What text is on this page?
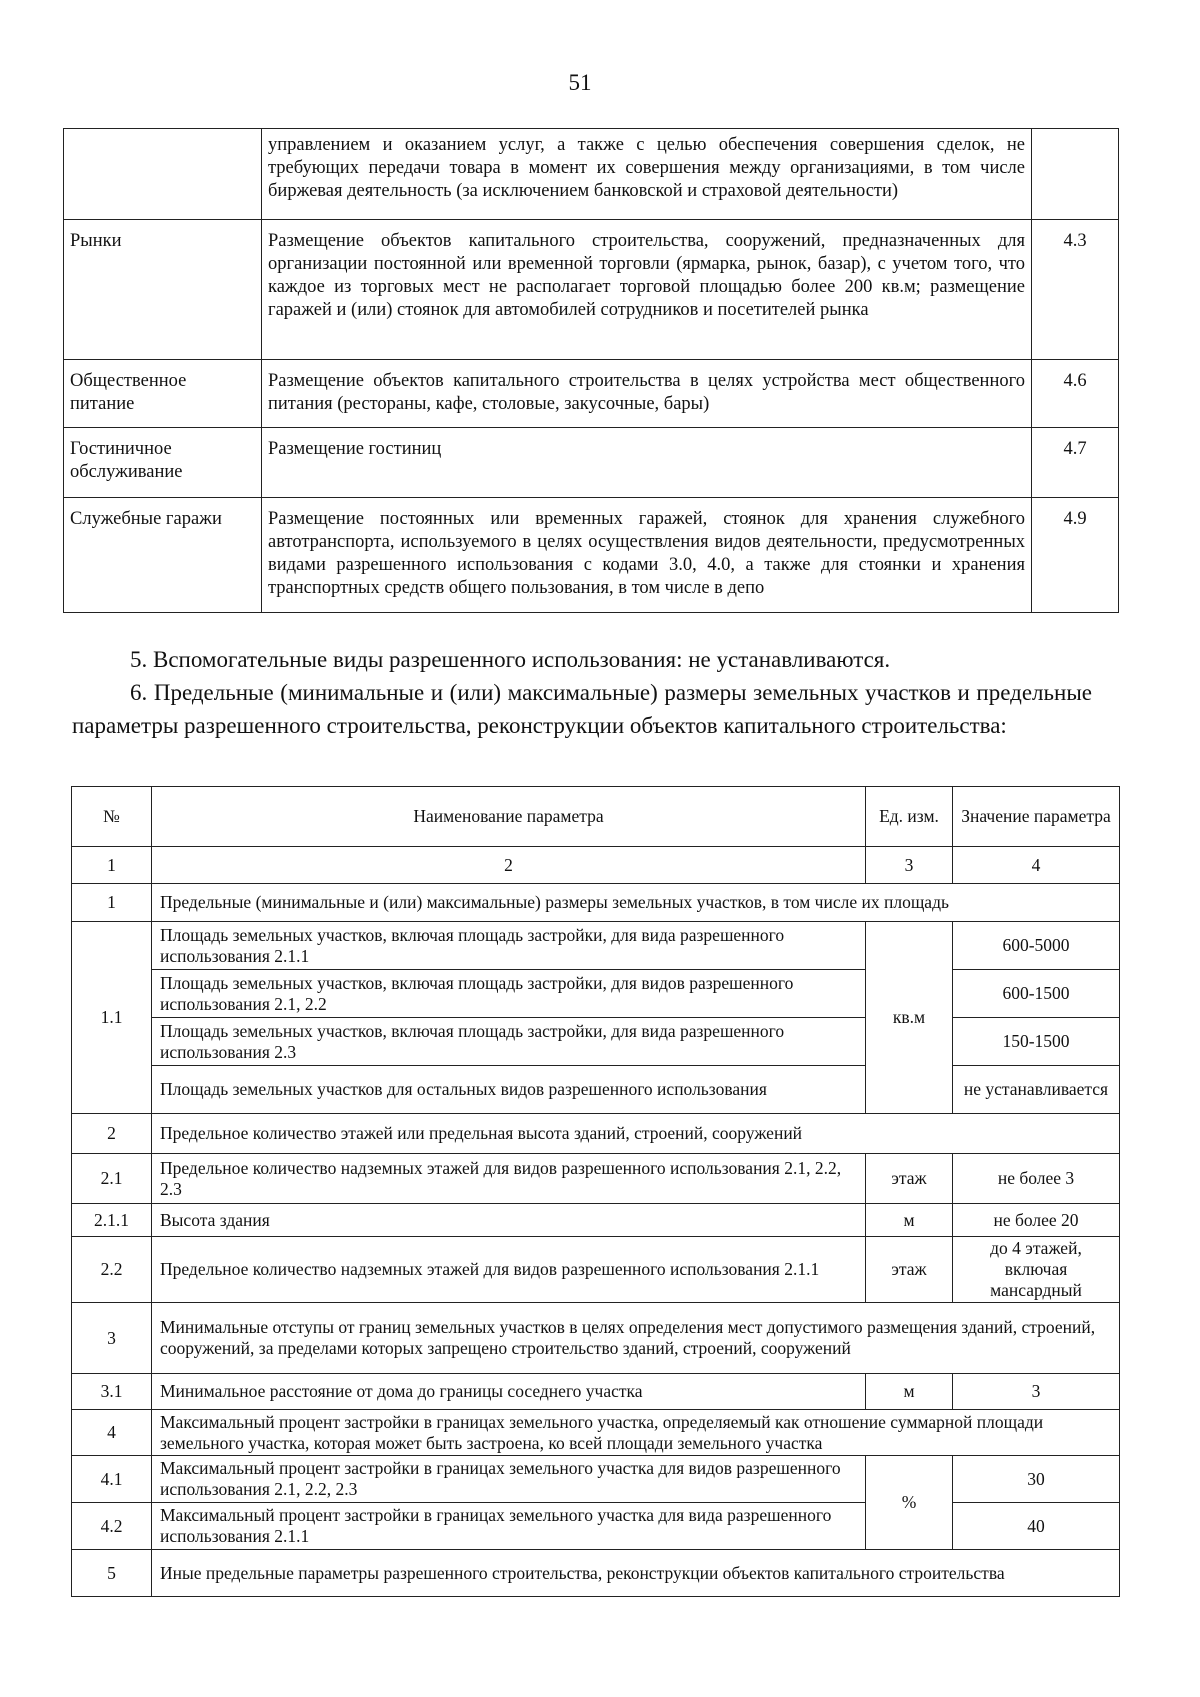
51
	управлением и оказанием услуг, а также с целью обеспечения совершения сделок, не требующих передачи товара в момент их совершения между организациями, в том числе биржевая деятельность (за исключением банковской и страховой деятельности)	
Рынки	Размещение объектов капитального строительства, сооружений, предназначенных для организации постоянной или временной торговли (ярмарка, рынок, базар), с учетом того, что каждое из торговых мест не располагает торговой площадью более 200 кв.м; размещение гаражей и (или) стоянок для автомобилей сотрудников и посетителей рынка	4.3
Общественное питание	Размещение объектов капитального строительства в целях устройства мест общественного питания (рестораны, кафе, столовые, закусочные, бары)	4.6
Гостиничное обслуживание	Размещение гостиниц	4.7
Служебные гаражи	Размещение постоянных или временных гаражей, стоянок для хранения служебного автотранспорта, используемого в целях осуществления видов деятельности, предусмотренных видами разрешенного использования с кодами 3.0, 4.0, а также для стоянки и хранения транспортных средств общего пользования, в том числе в депо	4.9
5. Вспомогательные виды разрешенного использования: не устанавливаются.
6. Предельные (минимальные и (или) максимальные) размеры земельных участков и предельные параметры разрешенного строительства, реконструкции объектов капитального строительства:
№	Наименование параметра	Ед. изм.	Значение параметра
1	2	3	4
1	Предельные (минимальные и (или) максимальные) размеры земельных участков, в том числе их площадь		
1.1	Площадь земельных участков, включая площадь застройки, для вида разрешенного использования 2.1.1	кв.м	600-5000
	Площадь земельных участков, включая площадь застройки, для видов разрешенного использования 2.1, 2.2		600-1500
	Площадь земельных участков, включая площадь застройки, для вида разрешенного использования 2.3		150-1500
	Площадь земельных участков для остальных видов разрешенного использования		не устанавливается
2	Предельное количество этажей или предельная высота зданий, строений, сооружений		
2.1	Предельное количество надземных этажей для видов разрешенного использования 2.1, 2.2, 2.3	этаж	не более 3
2.1.1	Высота здания	м	не более 20
2.2	Предельное количество надземных этажей для видов разрешенного использования 2.1.1	этаж	до 4 этажей, включая мансардный
3	Минимальные отступы от границ земельных участков в целях определения мест допустимого размещения зданий, строений, сооружений, за пределами которых запрещено строительство зданий, строений, сооружений		
3.1	Минимальное расстояние от дома до границы соседнего участка	м	3
4	Максимальный процент застройки в границах земельного участка, определяемый как отношение суммарной площади земельного участка, которая может быть застроена, ко всей площади земельного участка		
4.1	Максимальный процент застройки в границах земельного участка для видов разрешенного использования 2.1, 2.2, 2.3	%	30
4.2	Максимальный процент застройки в границах земельного участка для вида разрешенного использования 2.1.1		40
5	Иные предельные параметры разрешенного строительства, реконструкции объектов капитального строительства		
